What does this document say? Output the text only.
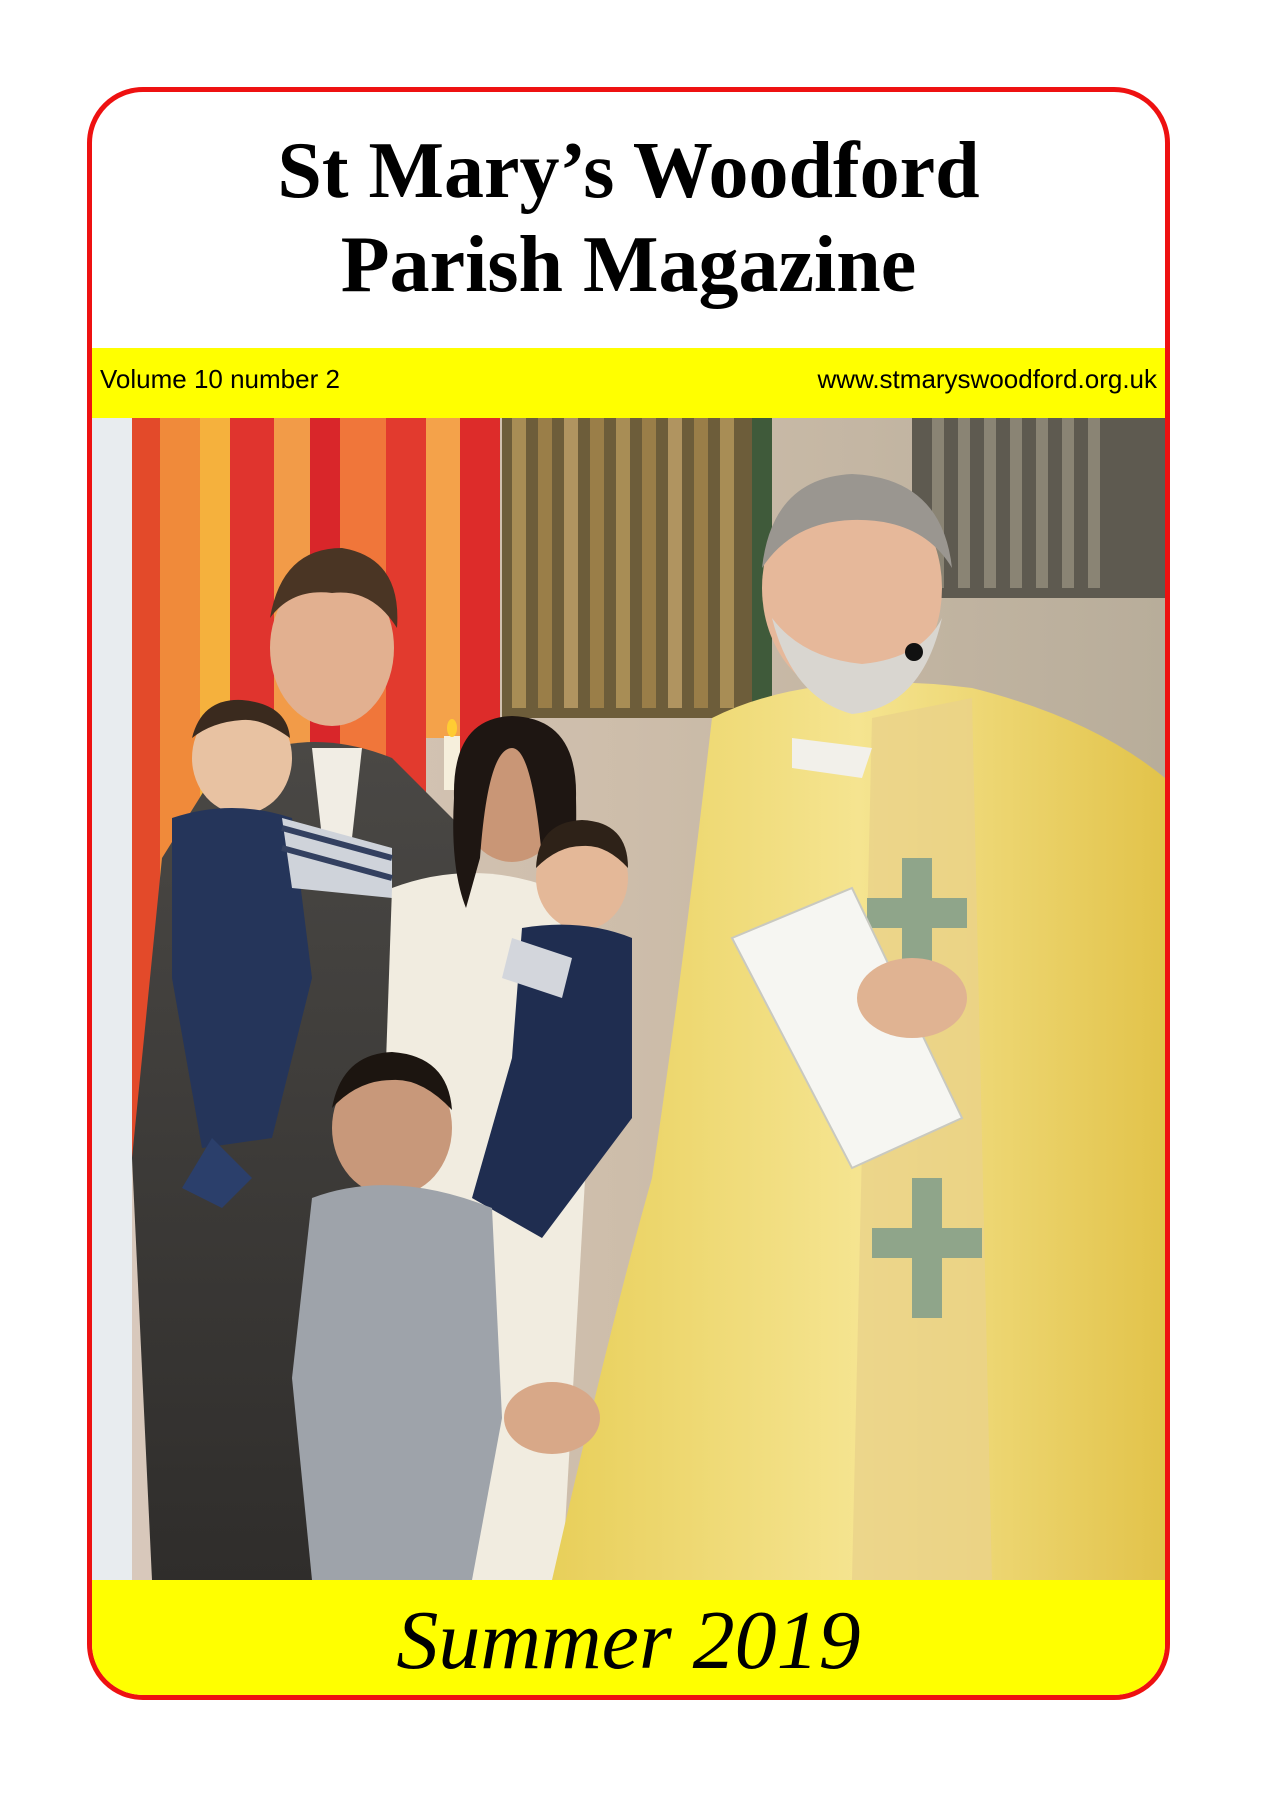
St Mary’s Woodford
Parish Magazine
Volume 10 number 2	www.stmaryswoodford.org.uk
Summer 2019
